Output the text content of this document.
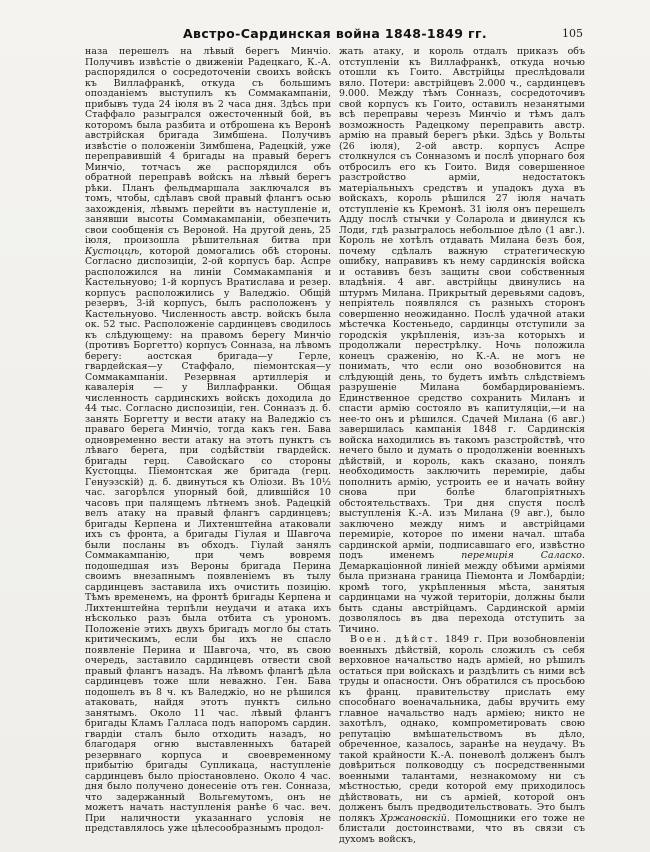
Австро-Сардинская война 1848-1849 гг.	105

наза перешелъ на лѣвый берегъ Минчіо. Получивъ извѣстіе о движеніи Радецкаго, К.-А. распорядился о сосредоточеніи своихъ войскъ къ Виллафранкѣ, откуда съ большимъ опозданіемъ выступилъ къ Соммакампаніи, прибывъ туда 24 іюля въ 2 часа дня. Здѣсь при Стаффало разыгрался ожесточенный бой, въ которомъ была разбита и отброшена къ Веронѣ австрійская бригада Зимбшена. Получивъ извѣстіе о положеніи Зимбшена, Радецкій, уже переправившій 4 бригады на правый берегъ Минчіо, тотчасъ же распорядился объ обратной переправѣ войскъ на лѣвый берегъ рѣки. Планъ фельдмаршала заключался въ томъ, чтобы, сдѣлавъ свой правый флангъ осью захожденія, лѣвымъ перейти въ наступленіе и, занявши высоты Соммакампаніи, обезпечить свои сообщенія съ Вероной. На другой день, 25 іюля, произошла рѣшительная битва при Кустоццѣ, которой домогались обѣ стороны. Согласно диспозиціи, 2-ой корпусъ бар. Аспре расположился на линіи Соммакампанія и Кастельнуово; 1-й корпусъ Вратислава и резер. корпусъ расположились у Валеджіо. Общій резервъ, 3-ій корпусъ, былъ расположенъ у Кастельнуово. Численность австр. войскъ была ок. 52 тыс. Расположеніе сардинцевъ сводилось къ слѣдующему: на правомъ берегу Минчіо (противъ Боргетто) корпусъ Сонназа, на лѣвомъ берегу: аостская бригада—у Герле, гвардейская—у Стаффало, піемонтская—у Соммакампаніи. Резервная артиллерія и кавалерія — у Виллафранки. Общая численность сардинскихъ войскъ доходила до 44 тыс. Согласно диспозиціи, ген. Сонназъ д. б. занять Боргетту и вести атаку на Валеджіо съ праваго берега Минчіо, тогда какъ ген. Бава одновременно вести атаку на этотъ пунктъ съ лѣваго берега, при содѣйствіи гвардейск. бригады герц. Савойскаго со стороны Кустоццы. Піемонтская же бригада (герц. Генуэзскій) д. б. двинуться къ Оліози. Въ 10½ час. загорѣлся упорный бой, длившійся 10 часовъ при палящемъ лѣтнемъ зноѣ. Радецкій велъ атаку на правый флангъ сардинцевъ; бригады Керпена и Лихтенштейна атаковали ихъ съ фронта, а бригады Гіулая и Шавгоча были посланы въ обходъ. Гіулай занялъ Соммакампанію, при чемъ вовремя подошедшая изъ Вероны бригада Перина своимъ внезапнымъ появленіемъ въ тылу сардинцевъ заставила ихъ очистить позицію. Тѣмъ временемъ, на фронтѣ бригады Керпена и Лихтенштейна терпѣли неудачи и атака ихъ нѣсколько разъ была отбита съ урономъ. Положеніе этихъ двухъ бригадъ могло бы стать критическимъ, если бы ихъ не спасло появленіе Перина и Шавгоча, что, въ свою очередь, заставило сардинцевъ отвести свой правый флангъ назадъ. На лѣвомъ флангѣ дѣла сардинцевъ тоже шли неважно. Ген. Бава подошелъ въ 8 ч. къ Валеджіо, но не рѣшился атаковать, найдя этотъ пунктъ сильно занятымъ. Около 11 час. лѣвый флангъ бригады Кламъ Галласа подъ напоромъ сардин. гвардіи сталъ было отходить назадъ, но благодаря огню выставленныхъ батарей резервнаго корпуса и своевременному прибытію бригады Супликаца, наступленіе сардинцевъ было пріостановлено. Около 4 час. дня было получено донесеніе отъ ген. Сонназа, что задержанный Вольгемутомъ, онъ не можетъ начать наступленія ранѣе 6 час. веч. При наличности указаннаго условія не представлялось уже цѣлесообразнымъ продол-

жать атаку, и король отдалъ приказъ объ отступленіи къ Виллафранкѣ, откуда ночью отошли къ Гоито. Австрійцы преслѣдовали вяло. Потери: австрійцевъ 2.000 ч., сардинцевъ 9.000. Между тѣмъ Сонназъ, сосредоточивъ свой корпусъ къ Гоито, оставилъ незанятыми всѣ переправы черезъ Минчіо и тѣмъ далъ возможность Радецкому переправить австр. армію на правый берегъ рѣки. Здѣсь у Вольты (26 іюля), 2-ой австр. корпусъ Аспре столкнулся съ Сонназомъ и послѣ упорнаго боя отбросилъ его къ Гоито. Видя совершенное разстройство арміи, недостатокъ матеріальныхъ средствъ и упадокъ духа въ войскахъ, король рѣшился 27 іюля начать отступленіе къ Кремонѣ. 31 іюля онъ перешелъ Адду послѣ стычки у Соларола и двинулся къ Лоди, гдѣ разыгралось небольшое дѣло (1 авг.). Король не хотѣлъ отдавать Милана безъ боя, почему сдѣлалъ важную стратегическую ошибку, направивъ къ нему сардинскія войска и оставивъ безъ защиты свои собственныя владѣнія. 4 авг. австрійцы двинулись на штурмъ Милана. Прикрытый деревьями садовъ, непріятель появлялся съ разныхъ сторонъ совершенно неожиданно. Послѣ удачной атаки мѣстечка Костеньедо, сардинцы отступили за городскія укрѣпленія, изъ-за которыхъ и продолжали перестрѣлку. Ночь положила конецъ сраженію, но К.-А. не могъ не понимать, что если оно возобновится на слѣдующій день, то будетъ имѣть слѣдствіемъ разрушеніе Милана бомбардированіемъ. Единственное средство сохранить Миланъ и спасти армію состояло въ капитуляціи,—и на нее-то онъ и рѣшился. Сдачей Милана (6 авг.) завершилась кампанія 1848 г. Сардинскія войска находились въ такомъ разстройствѣ, что нечего было и думать о продолженіи военныхъ дѣйствій, и король, какъ сказано, понялъ необходимость заключить перемиріе, дабы пополнить армію, устроить ее и начать войну снова при болѣе благопріятныхъ обстоятельствахъ. Три дня спустя послѣ выступленія К.-А. изъ Милана (9 авг.), было заключено между нимъ и австрійцами перемиріе, которое по имени начал. штаба сардинской арміи, подписавшаго его, извѣстно подъ именемъ перемирія Саласко. Демаркаціонной линіей между обѣими арміями была признана граница Піемонта и Ломбардіи; кромѣ того, укрѣпленныя мѣста, занятыя сардинцами на чужой територіи, должны были быть сданы австрійцамъ. Сардинской арміи дозволялось въ два перехода отступить за Тичино.

Воен. дѣйст. 1849 г. При возобновленіи военныхъ дѣйствій, король сложилъ съ себя верховное начальство надъ арміей, но рѣшилъ остаться при войскахъ и раздѣлить съ ними всѣ труды и опасности. Онъ обратился съ просьбою къ франц. правительству прислать ему способнаго военачальника, дабы вручить ему главное начальство надъ арміею; никто не захотѣлъ, однако, компрометировать свою репутацію вмѣшательствомъ въ дѣло, обреченное, казалось, заранѣе на неудачу. Въ такой крайности К.-А. поневолѣ долженъ былъ довѣриться полководцу съ посредственными военными талантами, незнакомому ни съ мѣстностью, среди которой ему приходилось дѣйствовать, ни съ арміей, которой онъ долженъ былъ предводительствовать. Это былъ полякъ Хржановскій. Помощники его тоже не блистали достоинствами, что въ связи съ духомъ войскъ,
